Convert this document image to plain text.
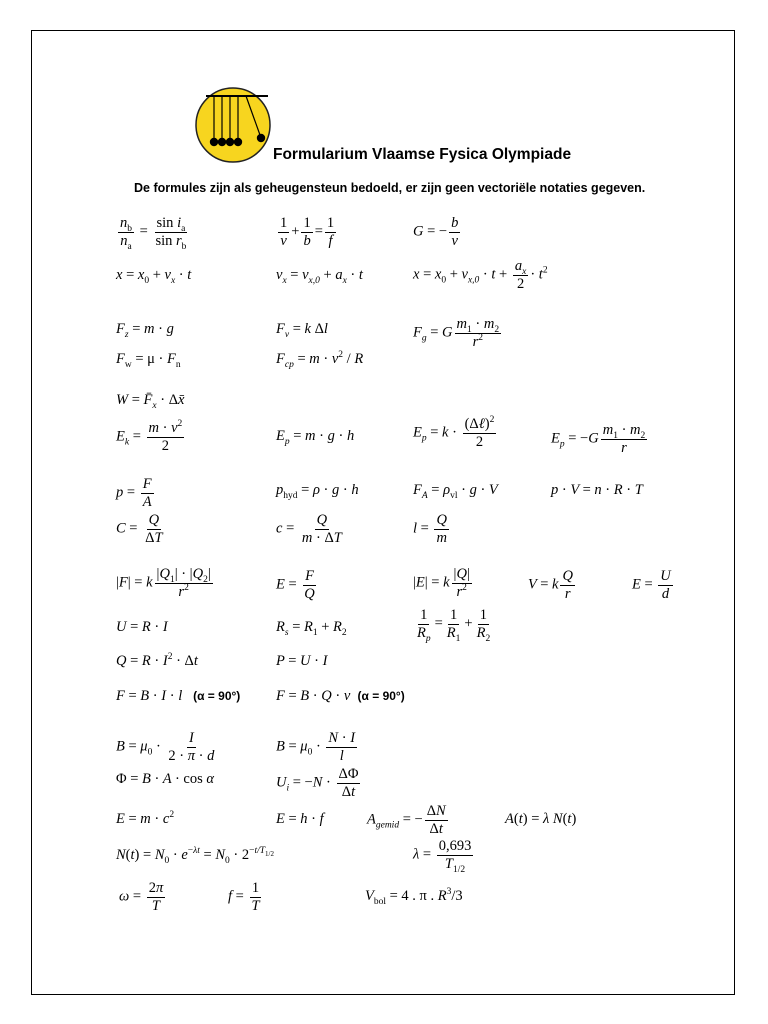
Formularium Vlaamse Fysica Olympiade
De formules zijn als geheugensteun bedoeld, er zijn geen vectoriële notaties gegeven.
$\frac{n_b}{n_a} = \frac{\sin i_a}{\sin r_b}$	$\frac{1}{v} + \frac{1}{b} = \frac{1}{f}$	G = − $\frac{b}{v}$
$x = x_0 + v_x \cdot t$	$v_x = v_{x,0} + a_x \cdot t$	$x = x_0 + v_{x,0} \cdot t + \frac{a_x}{2} \cdot t^2$
$F_z = m \cdot g$	$F_v = k$ Δl	$F_g = G \frac{m_1 \cdot m_2}{r^2}$
$F_w = \mu \cdot F_n$	$F_{cp} = m \cdot v^2 / R$
$W = F̄_x$ · Δx̄
$E_k = \frac{m \cdot v^2}{2}$	$E_p = m \cdot g \cdot h$	$E_p = k \cdot \frac{(\Delta\ell)^2}{2}$	$E_p = -G \frac{m_1 \cdot m_2}{r}$
$p = \frac{F}{A}$	$p_{hyd} = \rho \cdot g \cdot h$	$F_A = \rho_{vl} \cdot g \cdot V$	p · V = n · R · T
$C = \frac{Q}{\Delta T}$	$c = \frac{Q}{m \cdot \Delta T}$	$l = \frac{Q}{m}$
|F| = k $\frac{|Q_1| \cdot |Q_2|}{r^2}$	$E = \frac{F}{Q}$	|E| = k $\frac{|Q|}{r^2}$	V = k $\frac{Q}{r}$	$E = \frac{U}{d}$
U = R · I	$R_s = R_1 + R_2$	$\frac{1}{R_p} = \frac{1}{R_1} + \frac{1}{R_2}$
$Q = R \cdot I^2 \cdot \Delta t$	P = U · I
F = B · I · l   (α = 90°) F = B · Q · v  (α = 90°)
$B = \mu_0 \cdot \frac{I}{2 \cdot \pi \cdot d}$	$B = \mu_0 \cdot \frac{N \cdot I}{l}$
Φ = B · A · cos α	$U_i = -N \cdot \frac{\Delta\Phi}{\Delta t}$
$E = m \cdot c^2$	E = h · f	$A_{gemid}$ = − $\frac{\Delta N}{\Delta t}$	A(t) = λ N(t)
$N(t) = N_0 \cdot e^{-\lambda t} = N_0 \cdot 2^{-t/T_{1/2}}$	$\lambda = \frac{0,693}{T_{1/2}}$
$\omega = \frac{2\pi}{T}$	$f = \frac{1}{T}$	$V_{bol} = 4$ . π . $R^3/3$
